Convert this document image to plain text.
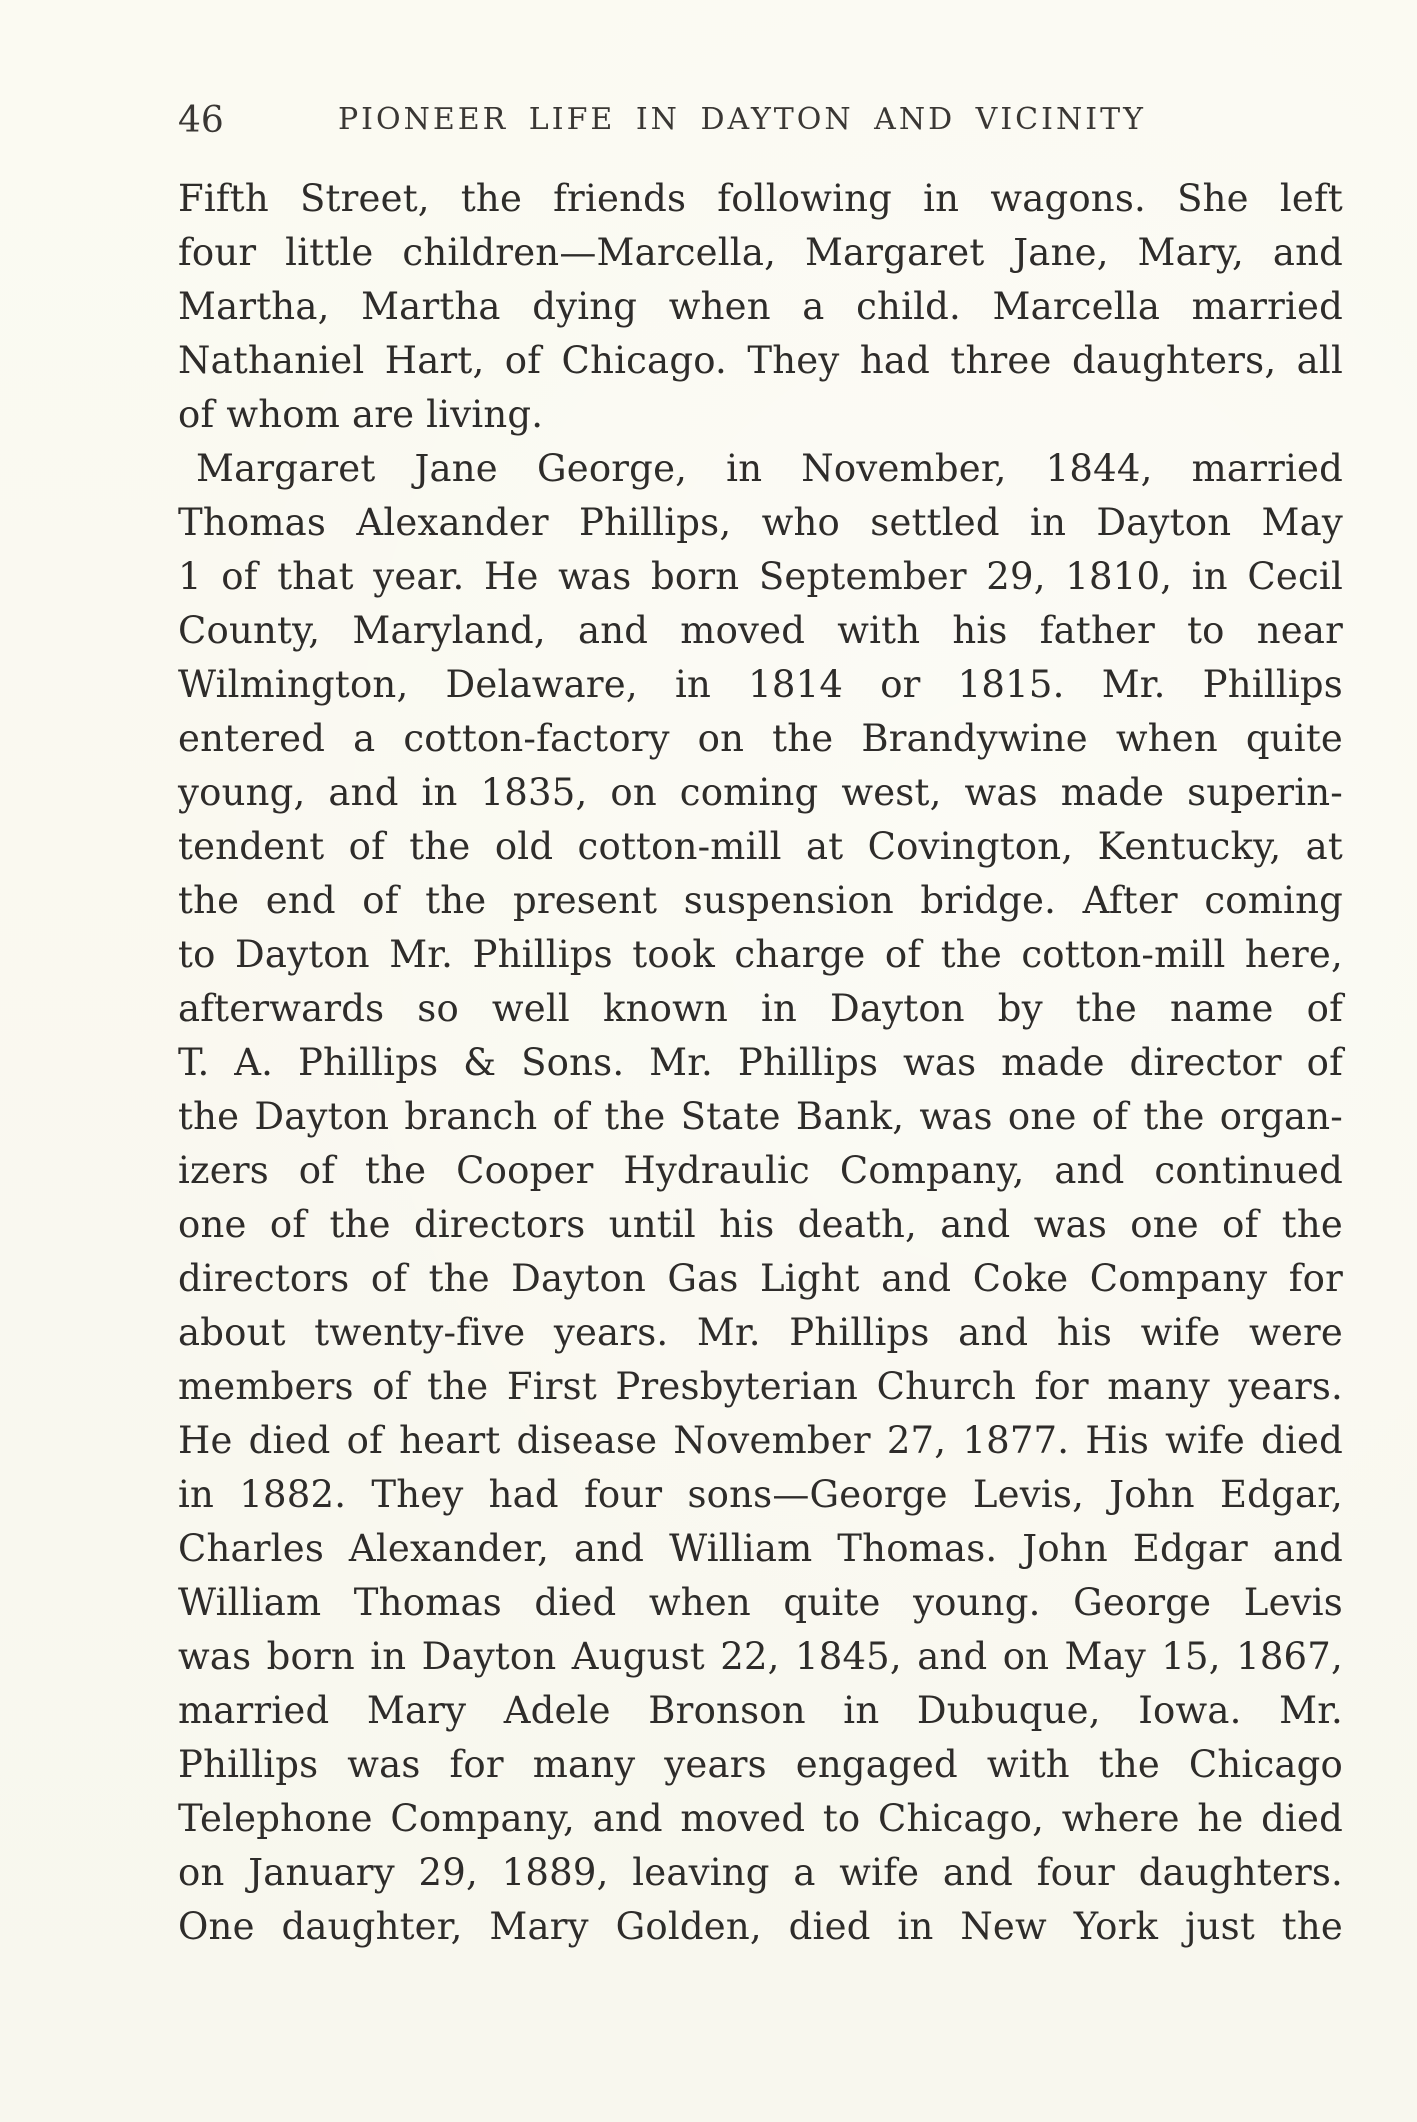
46	PIONEER LIFE IN DAYTON AND VICINITY
Fifth Street, the friends following in wagons. She left
four little children—Marcella, Margaret Jane, Mary, and
Martha, Martha dying when a child. Marcella married
Nathaniel Hart, of Chicago. They had three daughters, all
of whom are living.
Margaret Jane George, in November, 1844, married
Thomas Alexander Phillips, who settled in Dayton May
1 of that year. He was born September 29, 1810, in Cecil
County, Maryland, and moved with his father to near
Wilmington, Delaware, in 1814 or 1815. Mr. Phillips
entered a cotton-factory on the Brandywine when quite
young, and in 1835, on coming west, was made superin-
tendent of the old cotton-mill at Covington, Kentucky, at
the end of the present suspension bridge. After coming
to Dayton Mr. Phillips took charge of the cotton-mill here,
afterwards so well known in Dayton by the name of
T. A. Phillips & Sons. Mr. Phillips was made director of
the Dayton branch of the State Bank, was one of the organ-
izers of the Cooper Hydraulic Company, and continued
one of the directors until his death, and was one of the
directors of the Dayton Gas Light and Coke Company for
about twenty-five years. Mr. Phillips and his wife were
members of the First Presbyterian Church for many years.
He died of heart disease November 27, 1877. His wife died
in 1882. They had four sons—George Levis, John Edgar,
Charles Alexander, and William Thomas. John Edgar and
William Thomas died when quite young. George Levis
was born in Dayton August 22, 1845, and on May 15, 1867,
married Mary Adele Bronson in Dubuque, Iowa. Mr.
Phillips was for many years engaged with the Chicago
Telephone Company, and moved to Chicago, where he died
on January 29, 1889, leaving a wife and four daughters.
One daughter, Mary Golden, died in New York just the
